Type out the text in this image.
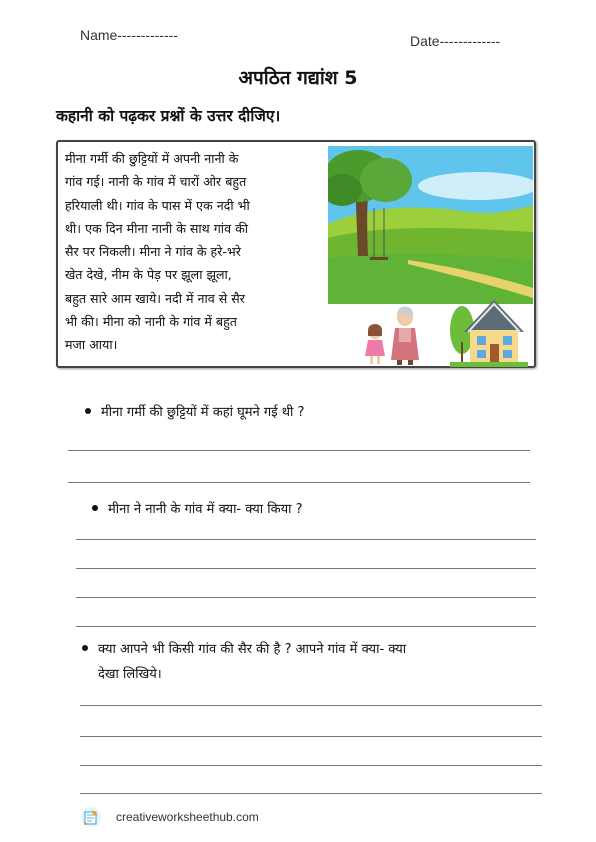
Name-------------	Date-------------
अपठित गद्यांश 5
कहानी को पढ़कर प्रश्नों के उत्तर दीजिए।
मीना गर्मी की छुट्टियों में अपनी नानी के
गांव गई। नानी के गांव में चारों ओर बहुत
हरियाली थी। गांव के पास में एक नदी भी
थी। एक दिन मीना नानी के साथ गांव की
सैर पर निकली। मीना ने गांव के हरे-भरे
खेत देखे, नीम के पेड़ पर झूला झूला,
बहुत सारे आम खाये। नदी में नाव से सैर
भी की। मीना को नानी के गांव में बहुत
मजा आया।
मीना गर्मी की छुट्टियों में कहां घूमने गई थी ?
मीना ने नानी के गांव में क्या- क्या किया ?
क्या आपने भी किसी गांव की सैर की है ? आपने गांव में क्या- क्या
देखा लिखिये।
creativeworksheethub.com
